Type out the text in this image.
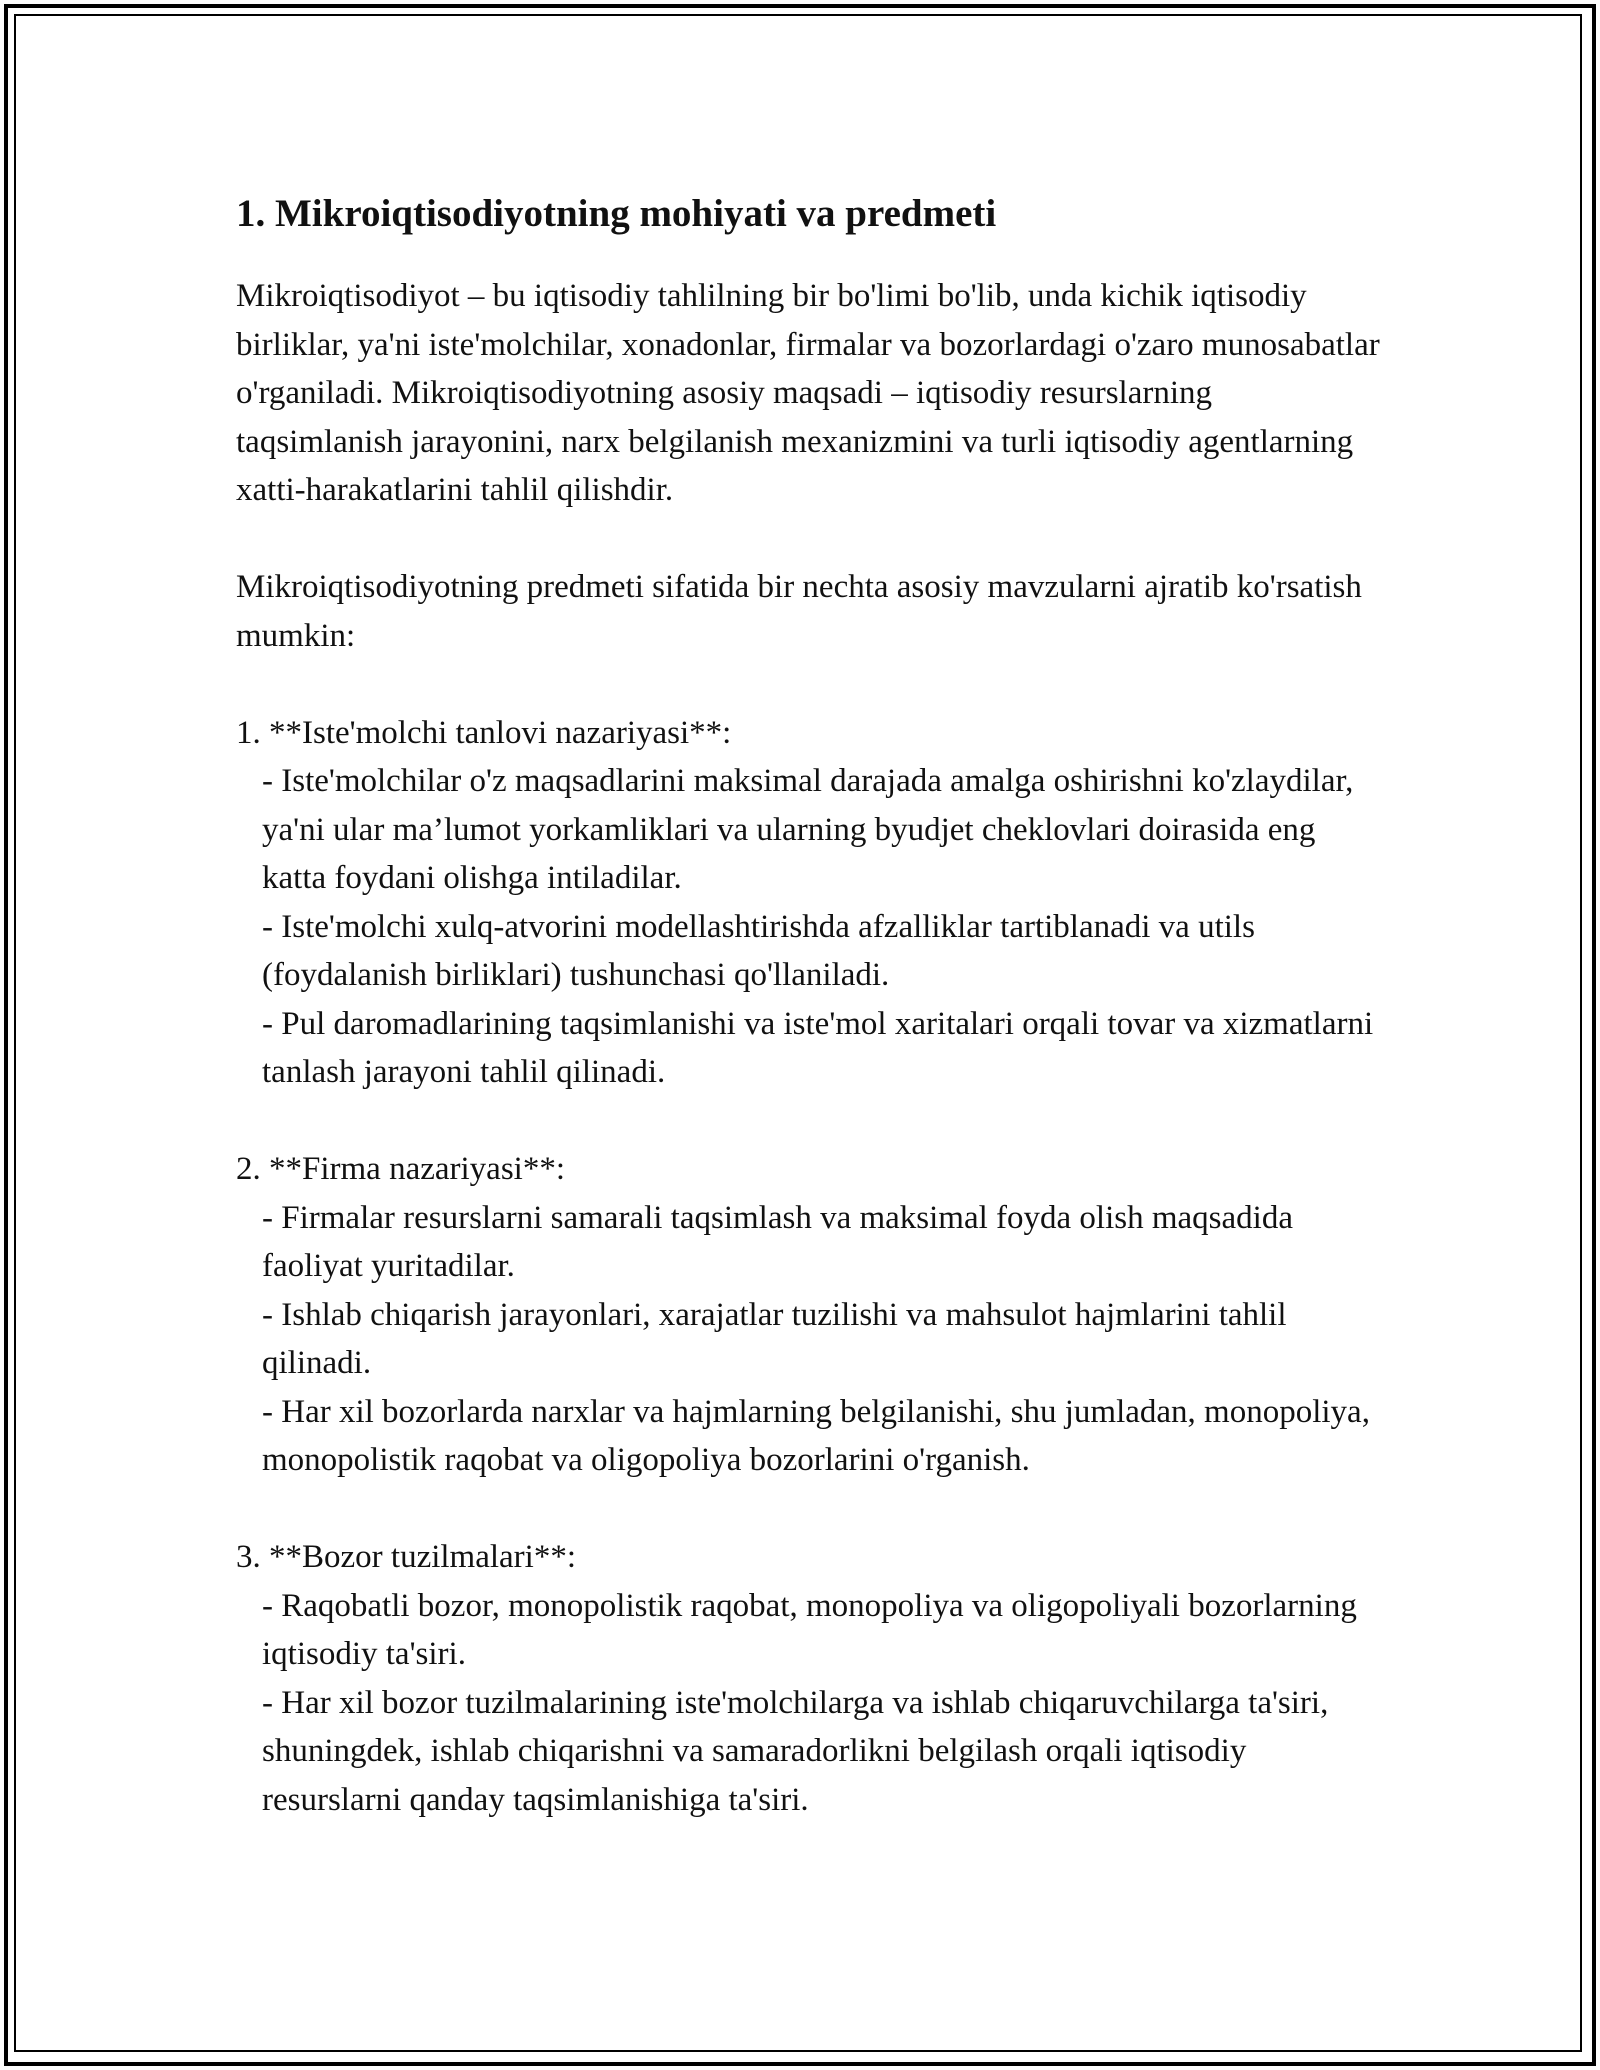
1. Mikroiqtisodiyotning mohiyati va predmeti

Mikroiqtisodiyot – bu iqtisodiy tahlilning bir bo'limi bo'lib, unda kichik iqtisodiy birliklar, ya'ni iste'molchilar, xonadonlar, firmalar va bozorlardagi o'zaro munosabatlar o'rganiladi. Mikroiqtisodiyotning asosiy maqsadi – iqtisodiy resurslarning taqsimlanish jarayonini, narx belgilanish mexanizmini va turli iqtisodiy agentlarning xatti-harakatlarini tahlil qilishdir.

Mikroiqtisodiyotning predmeti sifatida bir nechta asosiy mavzularni ajratib ko'rsatish mumkin:

1. **Iste'molchi tanlovi nazariyasi**:

- Iste'molchilar o'z maqsadlarini maksimal darajada amalga oshirishni ko'zlaydilar, ya'ni ular ma’lumot yorkamliklari va ularning byudjet cheklovlari doirasida eng katta foydani olishga intiladilar.

- Iste'molchi xulq-atvorini modellashtirishda afzalliklar tartiblanadi va utils (foydalanish birliklari) tushunchasi qo'llaniladi.

- Pul daromadlarining taqsimlanishi va iste'mol xaritalari orqali tovar va xizmatlarni tanlash jarayoni tahlil qilinadi.

2. **Firma nazariyasi**:

- Firmalar resurslarni samarali taqsimlash va maksimal foyda olish maqsadida faoliyat yuritadilar.

- Ishlab chiqarish jarayonlari, xarajatlar tuzilishi va mahsulot hajmlarini tahlil qilinadi.

- Har xil bozorlarda narxlar va hajmlarning belgilanishi, shu jumladan, monopoliya, monopolistik raqobat va oligopoliya bozorlarini o'rganish.

3. **Bozor tuzilmalari**:

- Raqobatli bozor, monopolistik raqobat, monopoliya va oligopoliyali bozorlarning iqtisodiy ta'siri.

- Har xil bozor tuzilmalarining iste'molchilarga va ishlab chiqaruvchilarga ta'siri, shuningdek, ishlab chiqarishni va samaradorlikni belgilash orqali iqtisodiy resurslarni qanday taqsimlanishiga ta'siri.
